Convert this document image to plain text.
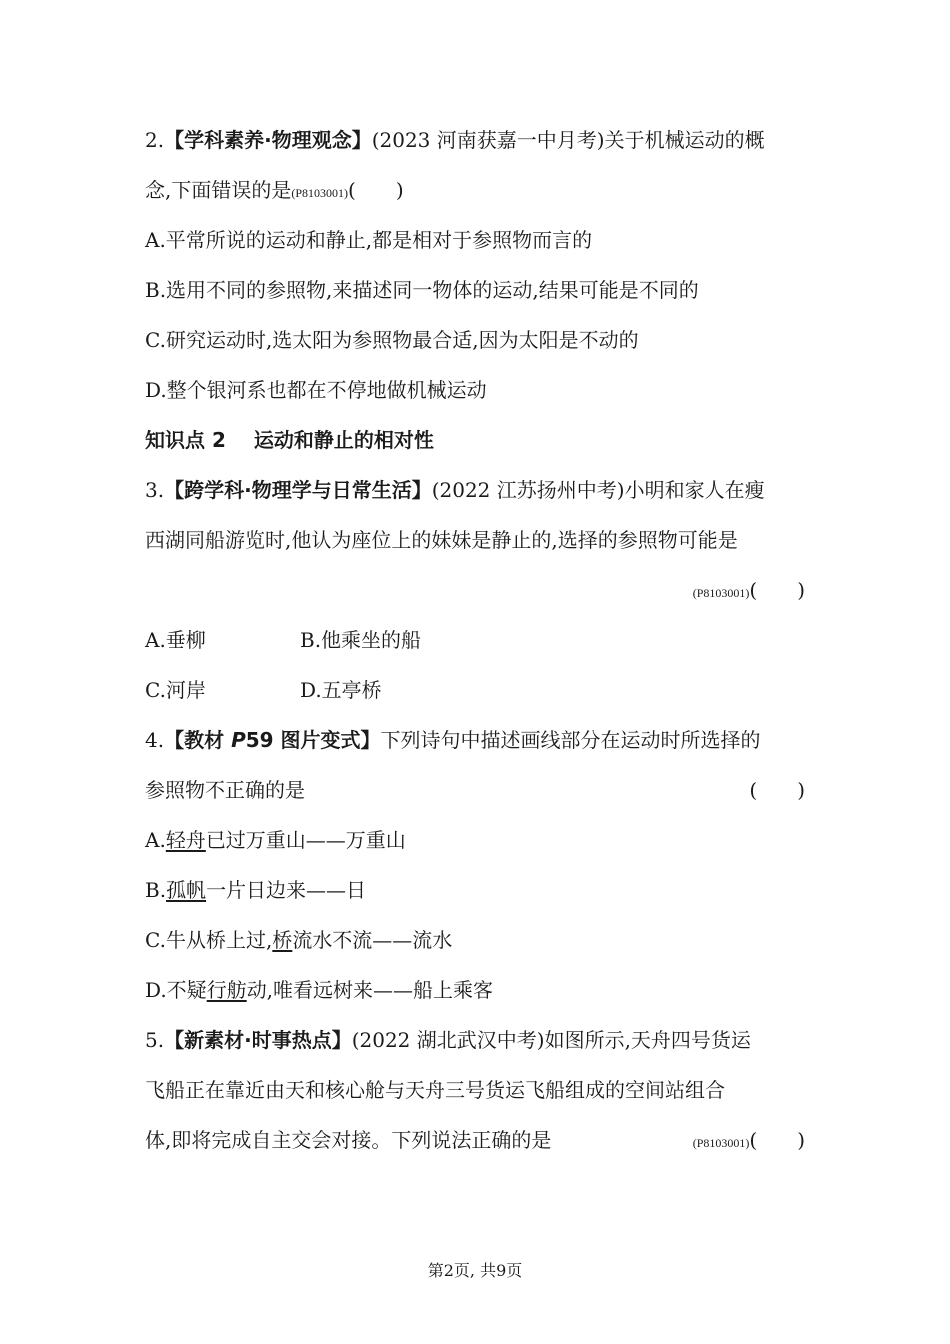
2.【学科素养·物理观念】(2023 河南获嘉一中月考)关于机械运动的概
念,下面错误的是(P8103001)(　　)
A.平常所说的运动和静止,都是相对于参照物而言的
B.选用不同的参照物,来描述同一物体的运动,结果可能是不同的
C.研究运动时,选太阳为参照物最合适,因为太阳是不动的
D.整个银河系也都在不停地做机械运动
知识点 2 运动和静止的相对性
3.【跨学科·物理学与日常生活】(2022 江苏扬州中考)小明和家人在瘦
西湖同船游览时,他认为座位上的妹妹是静止的,选择的参照物可能是
(P8103001)(　　)
A.垂柳	B.他乘坐的船
C.河岸	D.五亭桥
4.【教材 P59 图片变式】下列诗句中描述画线部分在运动时所选择的
参照物不正确的是	(　　)
A.轻舟已过万重山——万重山
B.孤帆一片日边来——日
C.牛从桥上过,桥流水不流——流水
D.不疑行舫动,唯看远树来——船上乘客
5.【新素材·时事热点】(2022 湖北武汉中考)如图所示,天舟四号货运
飞船正在靠近由天和核心舱与天舟三号货运飞船组成的空间站组合
体,即将完成自主交会对接。下列说法正确的是	(P8103001)(　　)
第2页, 共9页
